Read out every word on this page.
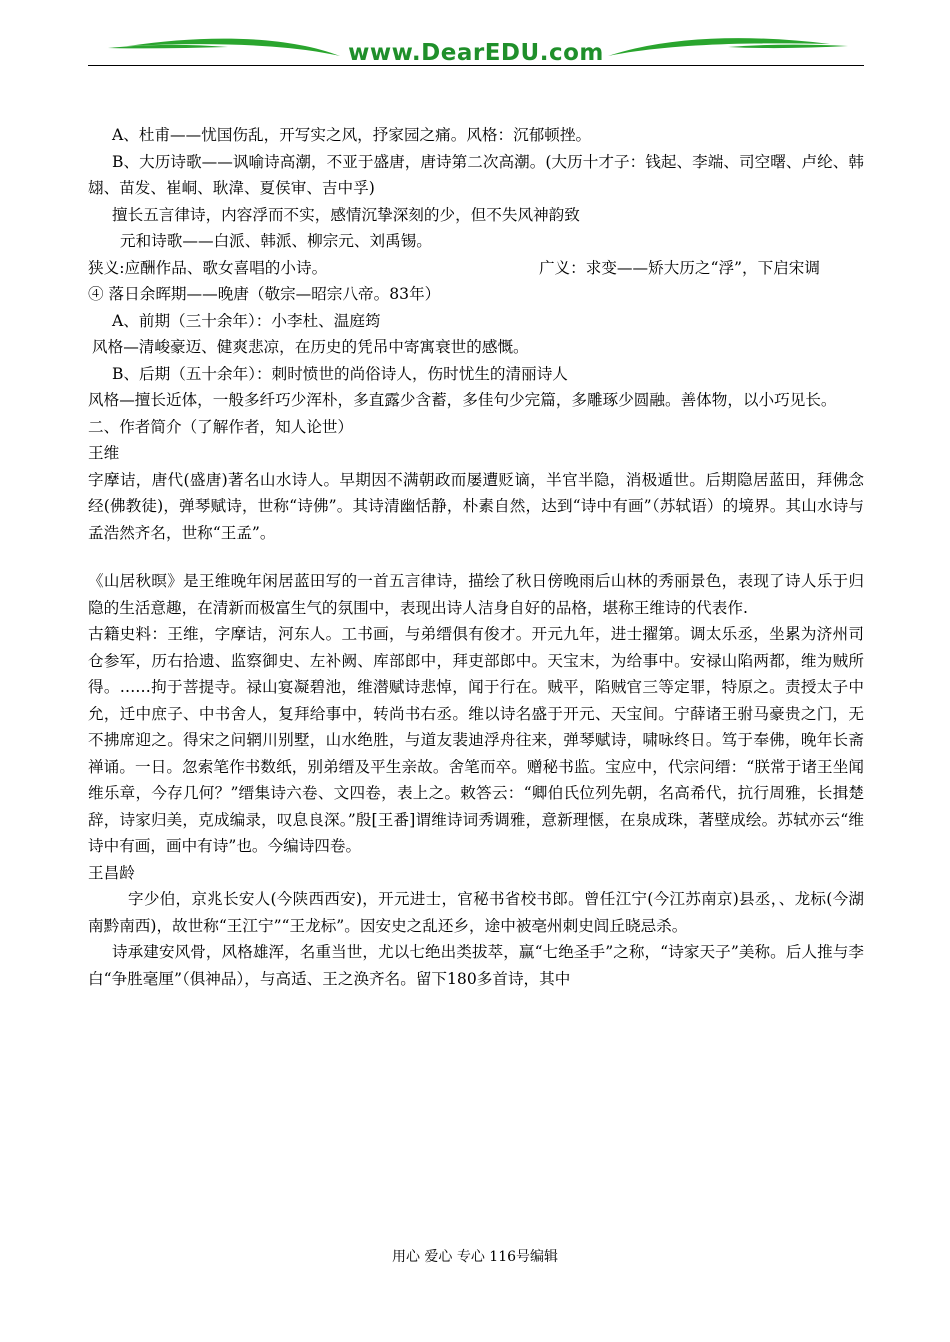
www.DearEDU.com

A、杜甫——忧国伤乱，开写实之风，抒家园之痛。风格：沉郁顿挫。

B、大历诗歌——讽喻诗高潮，不亚于盛唐，唐诗第二次高潮。(大历十才子：钱起、李端、司空曙、卢纶、韩翃、苗发、崔峒、耿湋、夏侯审、吉中孚)

擅长五言律诗，内容浮而不实，感情沉挚深刻的少，但不失风神韵致

元和诗歌——白派、韩派、柳宗元、刘禹锡。

狭义:应酬作品、歌女喜唱的小诗。	广义：求变——矫大历之“浮”，下启宋调

④ 落日余晖期——晚唐（敬宗—昭宗八帝。83年）

A、前期（三十余年）：小李杜、温庭筠

风格—清峻豪迈、健爽悲凉，在历史的凭吊中寄寓衰世的感慨。

B、后期（五十余年）：刺时愤世的尚俗诗人，伤时忧生的清丽诗人

风格—擅长近体，一般多纤巧少浑朴，多直露少含蓄，多佳句少完篇，多雕琢少圆融。善体物，以小巧见长。

二、作者简介（了解作者，知人论世）

王维

字摩诘，唐代(盛唐)著名山水诗人。早期因不满朝政而屡遭贬谪，半官半隐，消极遁世。后期隐居蓝田，拜佛念经(佛教徒)，弹琴赋诗，世称“诗佛”。其诗清幽恬静，朴素自然，达到“诗中有画”（苏轼语）的境界。其山水诗与孟浩然齐名，世称“王孟”。

《山居秋暝》是王维晚年闲居蓝田写的一首五言律诗，描绘了秋日傍晚雨后山林的秀丽景色，表现了诗人乐于归隐的生活意趣，在清新而极富生气的氛围中，表现出诗人洁身自好的品格，堪称王维诗的代表作.

古籍史料：王维，字摩诘，河东人。工书画，与弟缙俱有俊才。开元九年，进士擢第。调太乐丞，坐累为济州司仓参军，历右拾遗、监察御史、左补阙、库部郎中，拜吏部郎中。天宝末，为给事中。安禄山陷两都，维为贼所得。……拘于菩提寺。禄山宴凝碧池，维潜赋诗悲悼，闻于行在。贼平，陷贼官三等定罪，特原之。责授太子中允，迁中庶子、中书舍人，复拜给事中，转尚书右丞。维以诗名盛于开元、天宝间。宁薛诸王驸马豪贵之门，无不拂席迎之。得宋之问辋川别墅，山水绝胜，与道友裴迪浮舟往来，弹琴赋诗，啸咏终日。笃于奉佛，晚年长斋禅诵。一日。忽索笔作书数纸，别弟缙及平生亲故。舍笔而卒。赠秘书监。宝应中，代宗问缙：“朕常于诸王坐闻维乐章，今存几何？”缙集诗六卷、文四卷，表上之。敕答云：“卿伯氏位列先朝，名高希代，抗行周雅，长揖楚辞，诗家归美，克成编录，叹息良深。”殷[王番]谓维诗词秀调雅，意新理惬，在泉成珠，著壁成绘。苏轼亦云“维诗中有画，画中有诗”也。今编诗四卷。

王昌龄

字少伯，京兆长安人(今陕西西安)，开元进士，官秘书省校书郎。曾任江宁(今江苏南京)县丞，、龙标(今湖南黔南西)，故世称“王江宁”“王龙标”。因安史之乱还乡，途中被亳州刺史闾丘晓忌杀。

诗承建安风骨，风格雄浑，名重当世，尤以七绝出类拔萃，赢“七绝圣手”之称，“诗家天子”美称。后人推与李白“争胜毫厘”（俱神品），与高适、王之涣齐名。留下180多首诗，其中

用心 爱心 专心 116号编辑
